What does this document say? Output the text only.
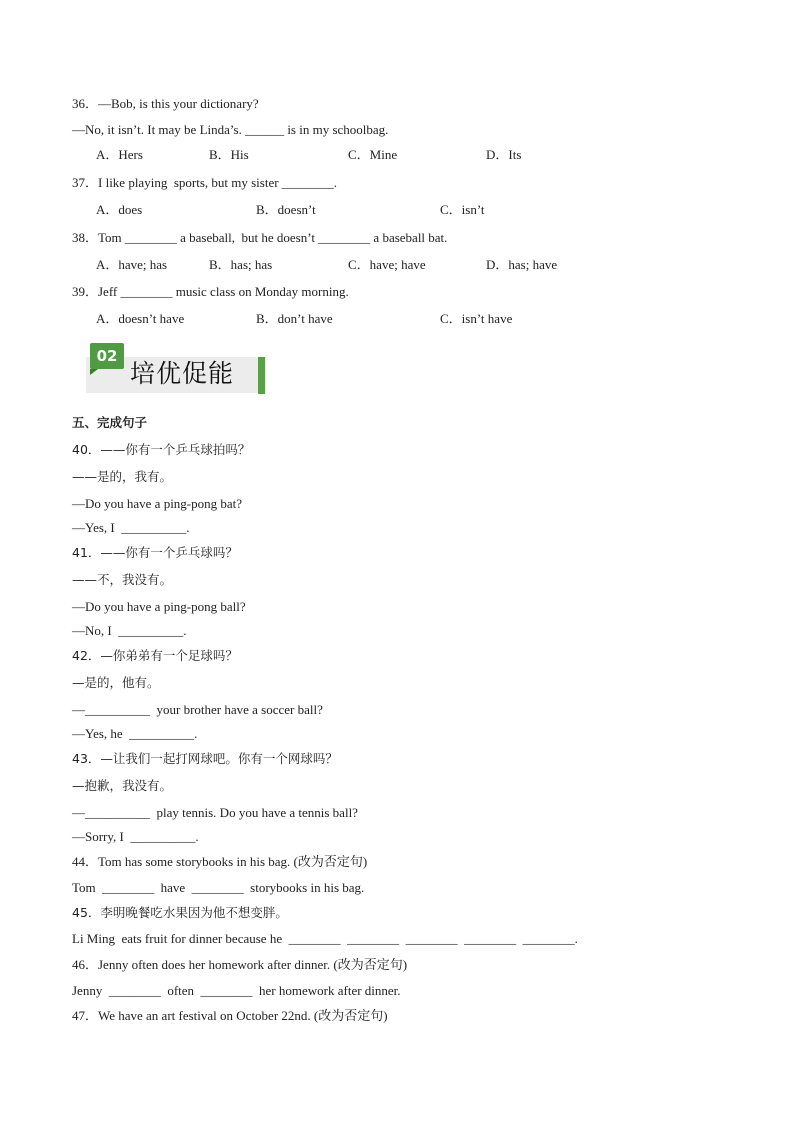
36．—Bob, is this your dictionary?
—No, it isn’t. It may be Linda’s. ______ is in my schoolbag.
A．Hers	B．His	C．Mine	D．Its
37．I like playing  sports, but my sister ________.
A．does	B．doesn’t	C．isn’t
38．Tom ________ a baseball,  but he doesn’t ________ a baseball bat.
A．have; has	B．has; has	C．have; have	D．has; have
39．Jeff ________ music class on Monday morning.
A．doesn’t have	B．don’t have	C．isn’t have
02
培优促能
五、完成句子
40．——你有一个乒乓球拍吗？
——是的，我有。
—Do you have a ping-pong bat?
—Yes, I  __________.
41．——你有一个乒乓球吗？
——不，我没有。
—Do you have a ping-pong ball?
—No, I  __________.
42．—你弟弟有一个足球吗？
—是的，他有。
—__________  your brother have a soccer ball?
—Yes, he  __________.
43．—让我们一起打网球吧。你有一个网球吗？
—抱歉，我没有。
—__________  play tennis. Do you have a tennis ball?
—Sorry, I  __________.
44．Tom has some storybooks in his bag. (改为否定句)
Tom  ________  have  ________  storybooks in his bag.
45．李明晚餐吃水果因为他不想变胖。
Li Ming  eats fruit for dinner because he  ________  ________  ________  ________  ________.
46．Jenny often does her homework after dinner. (改为否定句)
Jenny  ________  often  ________  her homework after dinner.
47．We have an art festival on October 22nd. (改为否定句)
